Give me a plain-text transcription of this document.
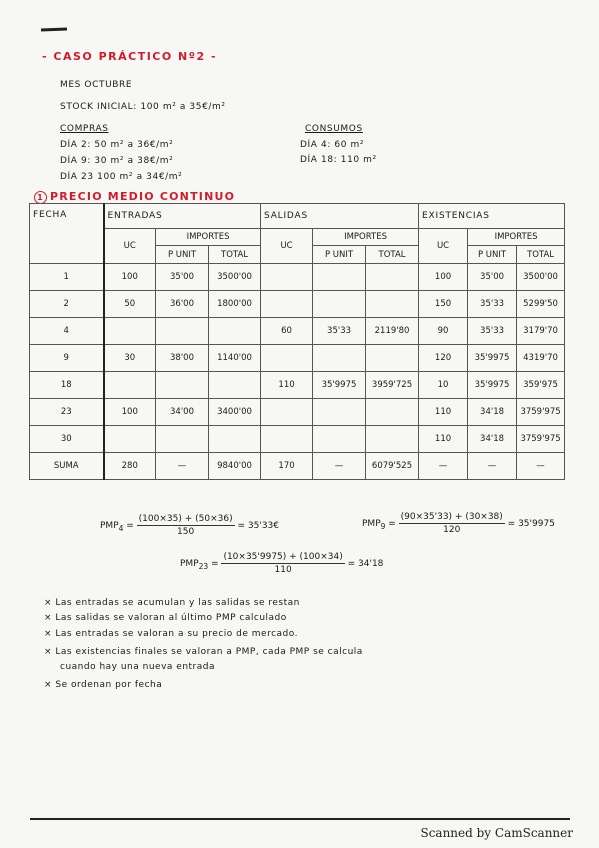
- CASO PRÁCTICO Nº2 -
MES OCTUBRE
STOCK INICIAL: 100 m² a 35€/m²
COMPRAS
DÍA 2: 50 m² a 36€/m²
DÍA 9: 30 m² a 38€/m²
DÍA 23 100 m² a 34€/m²
CONSUMOS
DÍA 4: 60 m²
DÍA 18: 110 m²
1 PRECIO MEDIO CONTINUO
FECHA	ENTRADAS			SALIDAS			EXISTENCIAS		
	UC	IMPORTES		UC	IMPORTES		UC	IMPORTES	
		P UNIT	TOTAL		P UNIT	TOTAL		P UNIT	TOTAL
1	100	35'00	3500'00				100	35'00	3500'00
2	50	36'00	1800'00				150	35'33	5299'50
4				60	35'33	2119'80	90	35'33	3179'70
9	30	38'00	1140'00				120	35'9975	4319'70
18				110	35'9975	3959'725	10	35'9975	359'975
23	100	34'00	3400'00				110	34'18	3759'975
30							110	34'18	3759'975
SUMA	280	—	9840'00	170	—	6079'525	—	—	—
$PMP_4 = \frac{(100\times 35) + (50\times 36)}{150}$ = 35'33€	$PMP_9 = \frac{(90\times 35'33) + (30\times 38)}{120} = 35'9975$
$PMP_{23} = \frac{(10\times 35'9975) + (100\times 34)}{110} = 34'18$
× Las entradas se acumulan y las salidas se restan
× Las salidas se valoran al último PMP calculado
× Las entradas se valoran a su precio de mercado.
× Las existencias finales se valoran a PMP, cada PMP se calcula
cuando hay una nueva entrada
× Se ordenan por fecha
Scanned by CamScanner
